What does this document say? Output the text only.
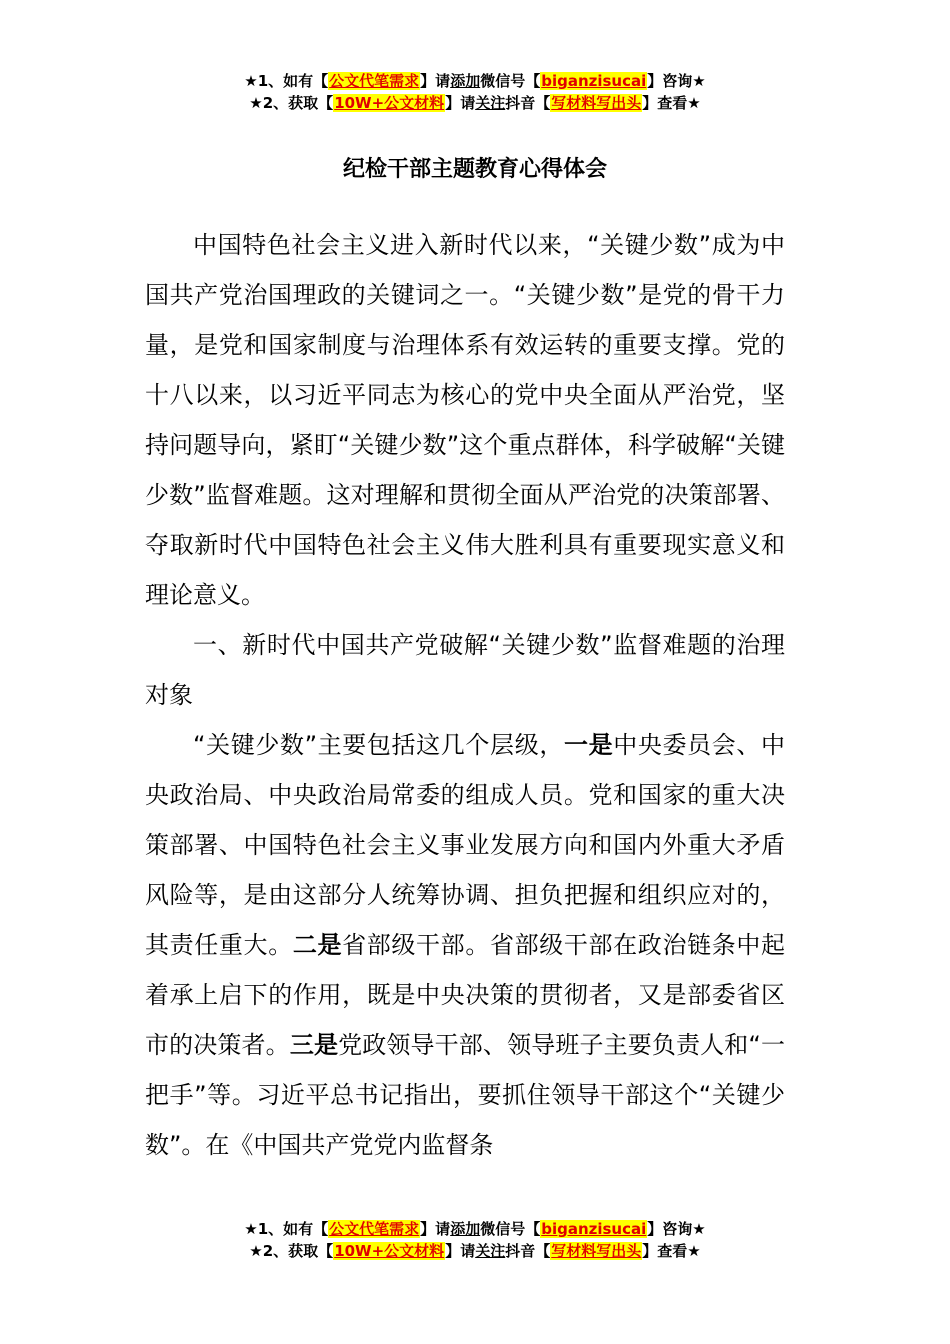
★1、如有【公文代笔需求】请添加微信号【biganzisucai】咨询★
★2、获取【10W+公文材料】请关注抖音【写材料写出头】查看★
纪检干部主题教育心得体会

中国特色社会主义进入新时代以来，“关键少数”成为中国共产党治国理政的关键词之一。“关键少数”是党的骨干力量，是党和国家制度与治理体系有效运转的重要支撑。党的十八以来，以习近平同志为核心的党中央全面从严治党，坚持问题导向，紧盯“关键少数”这个重点群体，科学破解“关键少数”监督难题。这对理解和贯彻全面从严治党的决策部署、夺取新时代中国特色社会主义伟大胜利具有重要现实意义和理论意义。

一、新时代中国共产党破解“关键少数”监督难题的治理对象

“关键少数”主要包括这几个层级，一是中央委员会、中央政治局、中央政治局常委的组成人员。党和国家的重大决策部署、中国特色社会主义事业发展方向和国内外重大矛盾风险等，是由这部分人统筹协调、担负把握和组织应对的，其责任重大。二是省部级干部。省部级干部在政治链条中起着承上启下的作用，既是中央决策的贯彻者，又是部委省区市的决策者。三是党政领导干部、领导班子主要负责人和“一把手”等。习近平总书记指出，要抓住领导干部这个“关键少数”。在《中国共产党党内监督条

★1、如有【公文代笔需求】请添加微信号【biganzisucai】咨询★
★2、获取【10W+公文材料】请关注抖音【写材料写出头】查看★
